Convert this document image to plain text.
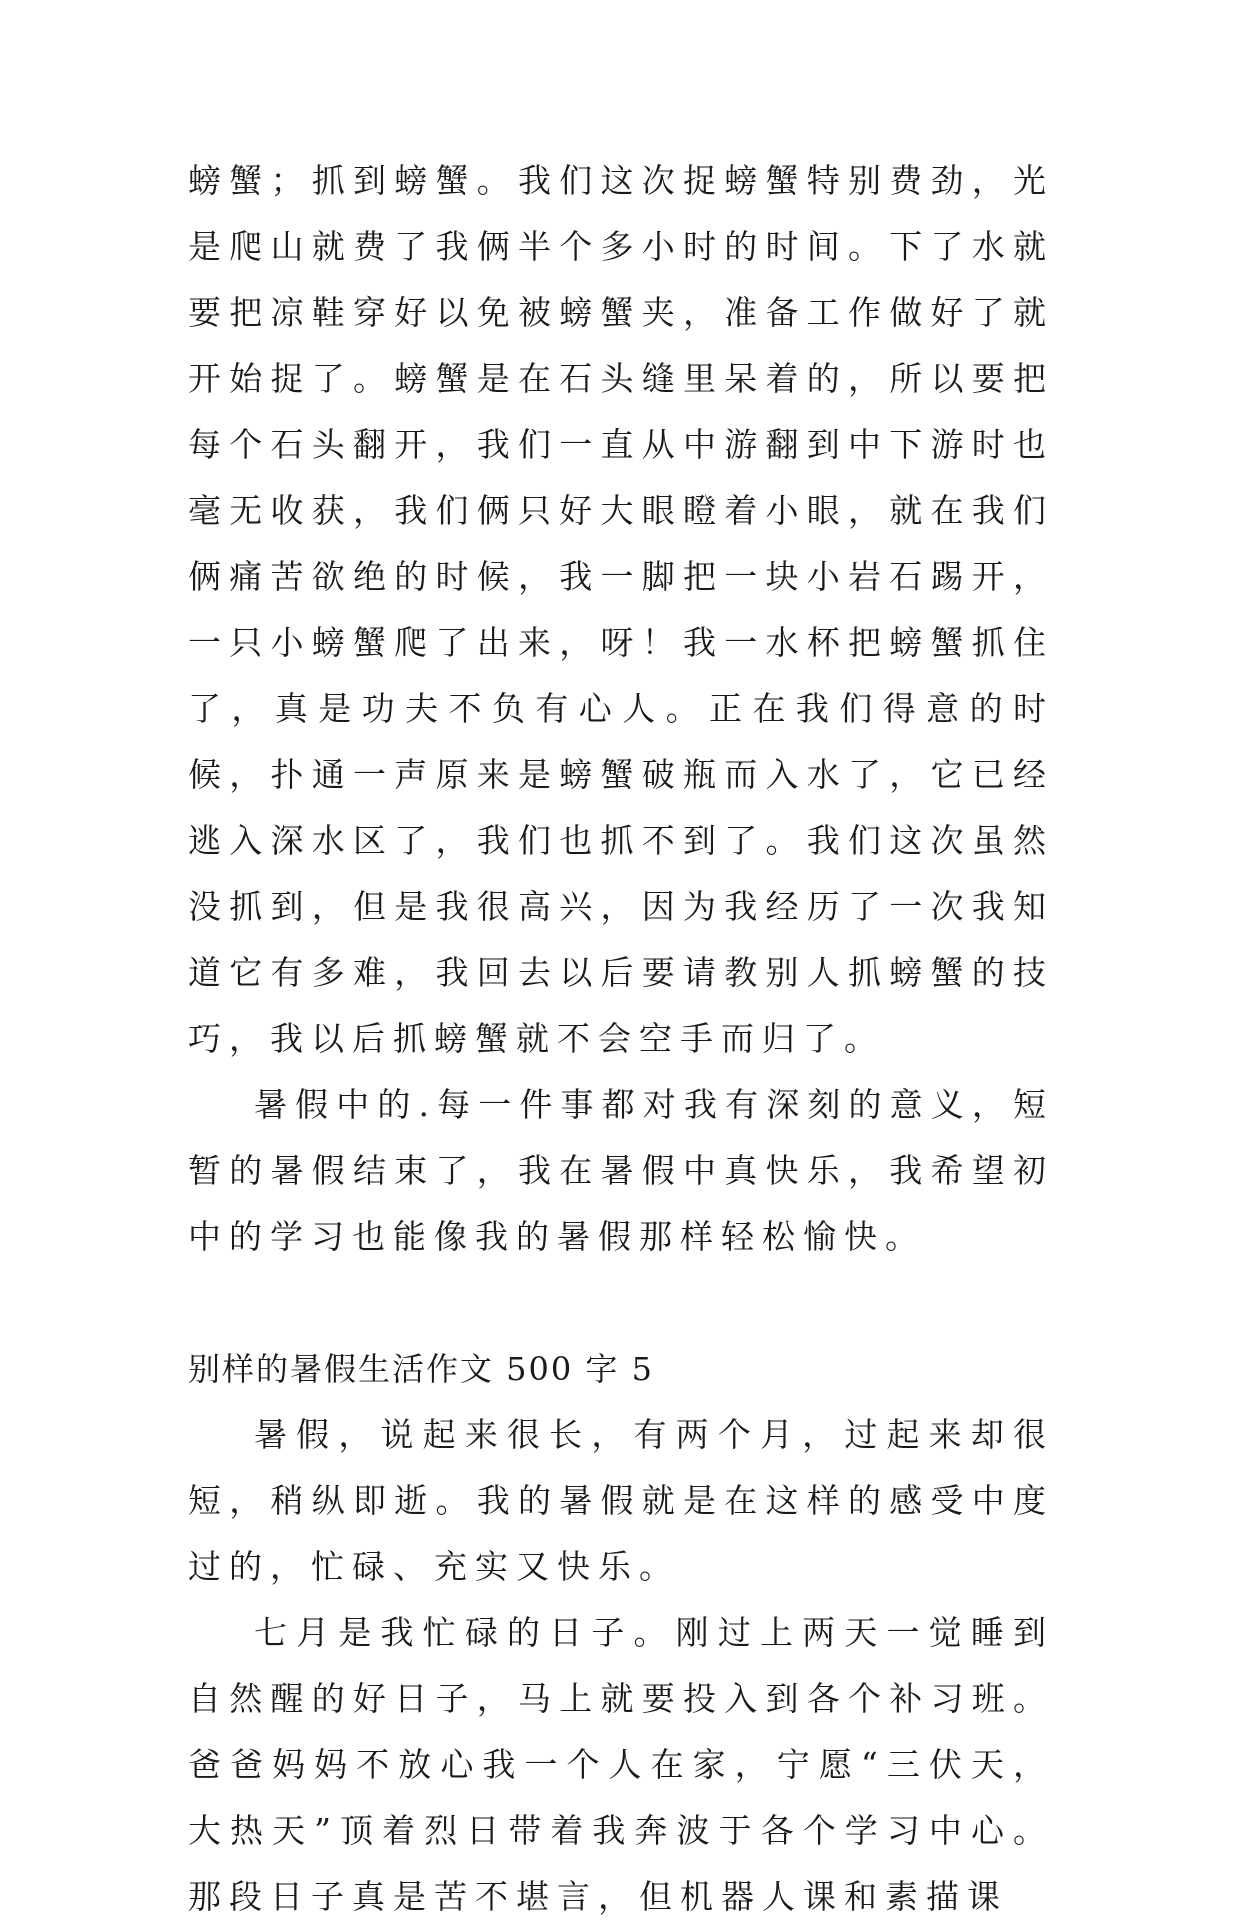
螃蟹；抓到螃蟹。我们这次捉螃蟹特别费劲，光是爬山就费了我俩半个多小时的时间。下了水就要把凉鞋穿好以免被螃蟹夹，准备工作做好了就开始捉了。螃蟹是在石头缝里呆着的，所以要把每个石头翻开，我们一直从中游翻到中下游时也毫无收获，我们俩只好大眼瞪着小眼，就在我们俩痛苦欲绝的时候，我一脚把一块小岩石踢开，一只小螃蟹爬了出来，呀！我一水杯把螃蟹抓住了，真是功夫不负有心人。正在我们得意的时候，扑通一声原来是螃蟹破瓶而入水了，它已经逃入深水区了，我们也抓不到了。我们这次虽然没抓到，但是我很高兴，因为我经历了一次我知道它有多难，我回去以后要请教别人抓螃蟹的技巧，我以后抓螃蟹就不会空手而归了。

暑假中的.每一件事都对我有深刻的意义，短暂的暑假结束了，我在暑假中真快乐，我希望初中的学习也能像我的暑假那样轻松愉快。

别样的暑假生活作文 500 字 5

暑假，说起来很长，有两个月，过起来却很短，稍纵即逝。我的暑假就是在这样的感受中度过的，忙碌、充实又快乐。

七月是我忙碌的日子。刚过上两天一觉睡到自然醒的好日子，马上就要投入到各个补习班。爸爸妈妈不放心我一个人在家，宁愿“三伏天，大热天”顶着烈日带着我奔波于各个学习中心。那段日子真是苦不堪言，但机器人课和素描课
